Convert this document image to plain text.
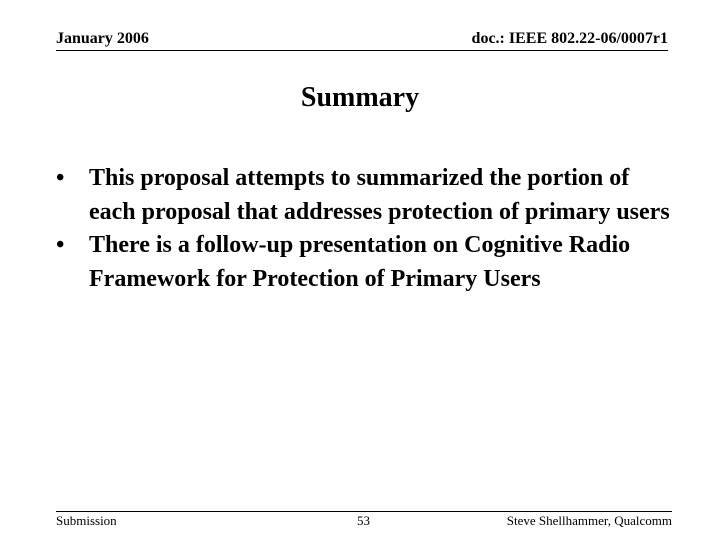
January 2006	doc.: IEEE 802.22-06/0007r1
Summary
• This proposal attempts to summarized the portion of each proposal that addresses protection of primary users
• There is a follow-up presentation on Cognitive Radio Framework for Protection of Primary Users
Submission	53	Steve Shellhammer, Qualcomm
